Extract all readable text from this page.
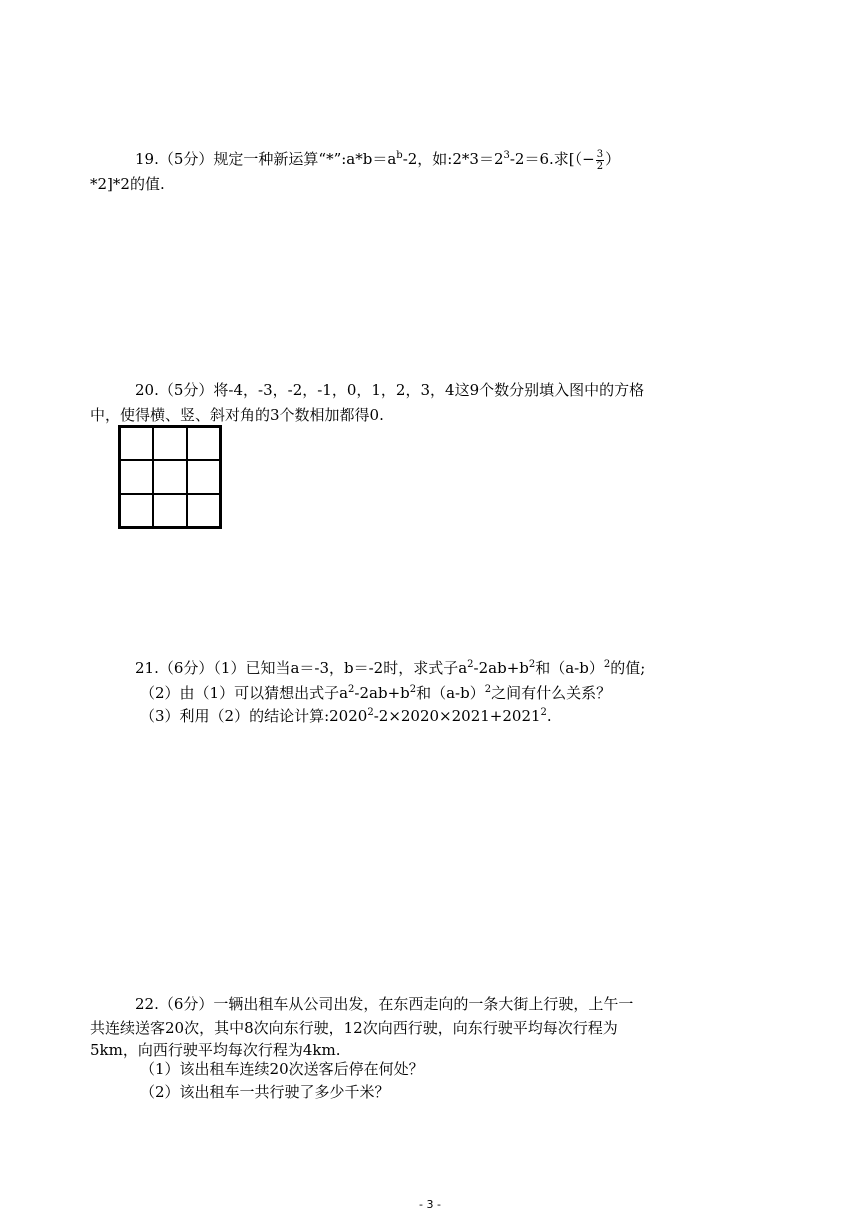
19.（5分）规定一种新运算“$*”:a*b=a^b-2$，如$:2*3=2^3-2=6$.求[（− $\frac{3}{2}$ ）
*2]*2的值.
20.（5分）将-4，-3，-2，-1，0，1，2，3，4这9个数分别填入图中的方格
中，使得横、竖、斜对角的3个数相加都得0.
21.（6分）（1）已知当a＝-3，b＝-2时，求式子$a^2-2ab+b^2$和$(a-b)^2$的值;
（2）由（1）可以猜想出式子$a^2-2ab+b^2$和$(a-b)^2$之间有什么关系？
（3）利用（2）的结论计算$:2020^2-2\times 2020\times 2021+2021^2$.
22.（6分）一辆出租车从公司出发，在东西走向的一条大街上行驶，上午一
共连续送客20次，其中8次向东行驶，12次向西行驶，向东行驶平均每次行程为
5km，向西行驶平均每次行程为4km.
（1）该出租车连续20次送客后停在何处？
（2）该出租车一共行驶了多少千米？
- 3 -
